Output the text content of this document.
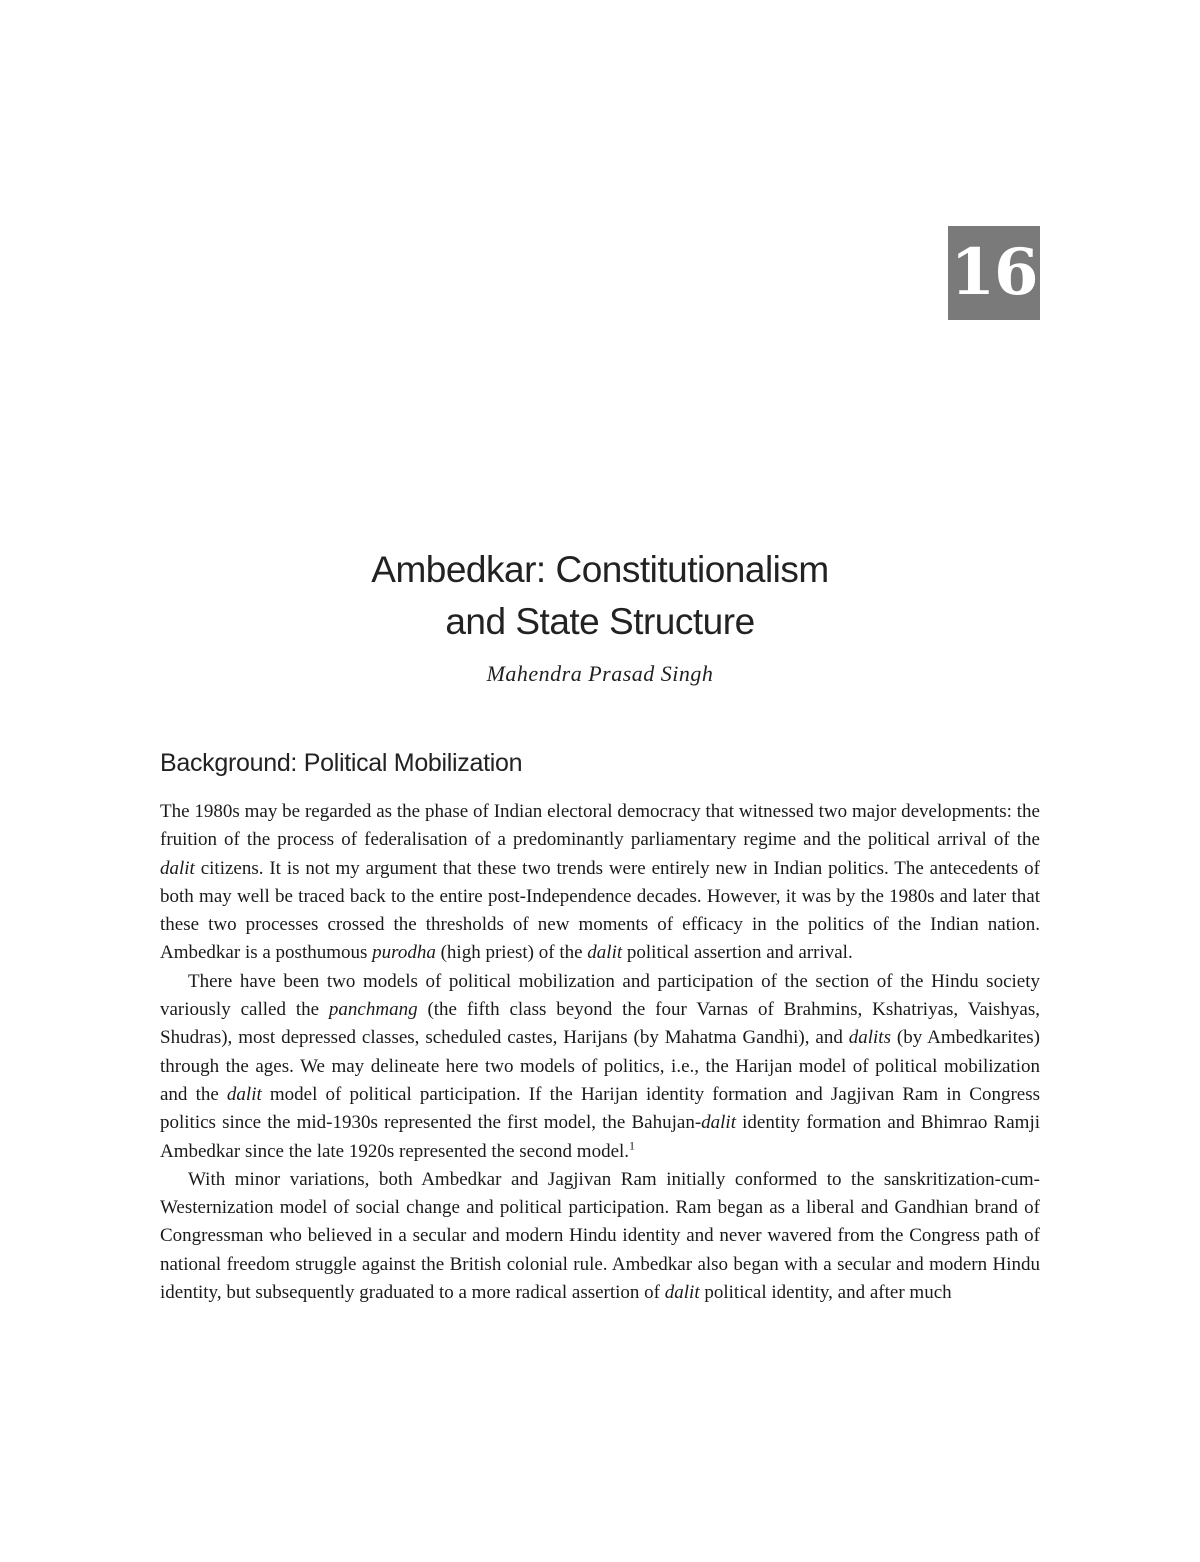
16
Ambedkar: Constitutionalism
and State Structure
Mahendra Prasad Singh
Background: Political Mobilization

The 1980s may be regarded as the phase of Indian electoral democracy that witnessed two major developments: the fruition of the process of federalisation of a predominantly parliamentary regime and the political arrival of the dalit citizens. It is not my argument that these two trends were entirely new in Indian politics. The antecedents of both may well be traced back to the entire post-Independence decades. However, it was by the 1980s and later that these two processes crossed the thresholds of new moments of efficacy in the politics of the Indian nation. Ambedkar is a posthumous purodha (high priest) of the dalit political assertion and arrival.

There have been two models of political mobilization and participation of the section of the Hindu society variously called the panchmang (the fifth class beyond the four Varnas of Brahmins, Kshatriyas, Vaishyas, Shudras), most depressed classes, scheduled castes, Harijans (by Mahatma Gandhi), and dalits (by Ambedkarites) through the ages. We may delineate here two models of politics, i.e., the Harijan model of political mobilization and the dalit model of political participation. If the Harijan identity formation and Jagjivan Ram in Congress politics since the mid-1930s represented the first model, the Bahujan-dalit identity formation and Bhimrao Ramji Ambedkar since the late 1920s represented the second model.$^1$

With minor variations, both Ambedkar and Jagjivan Ram initially conformed to the sanskritization-cum-Westernization model of social change and political participation. Ram began as a liberal and Gandhian brand of Congressman who believed in a secular and modern Hindu identity and never wavered from the Congress path of national freedom struggle against the British colonial rule. Ambedkar also began with a secular and modern Hindu identity, but subsequently graduated to a more radical assertion of dalit political identity, and after much
